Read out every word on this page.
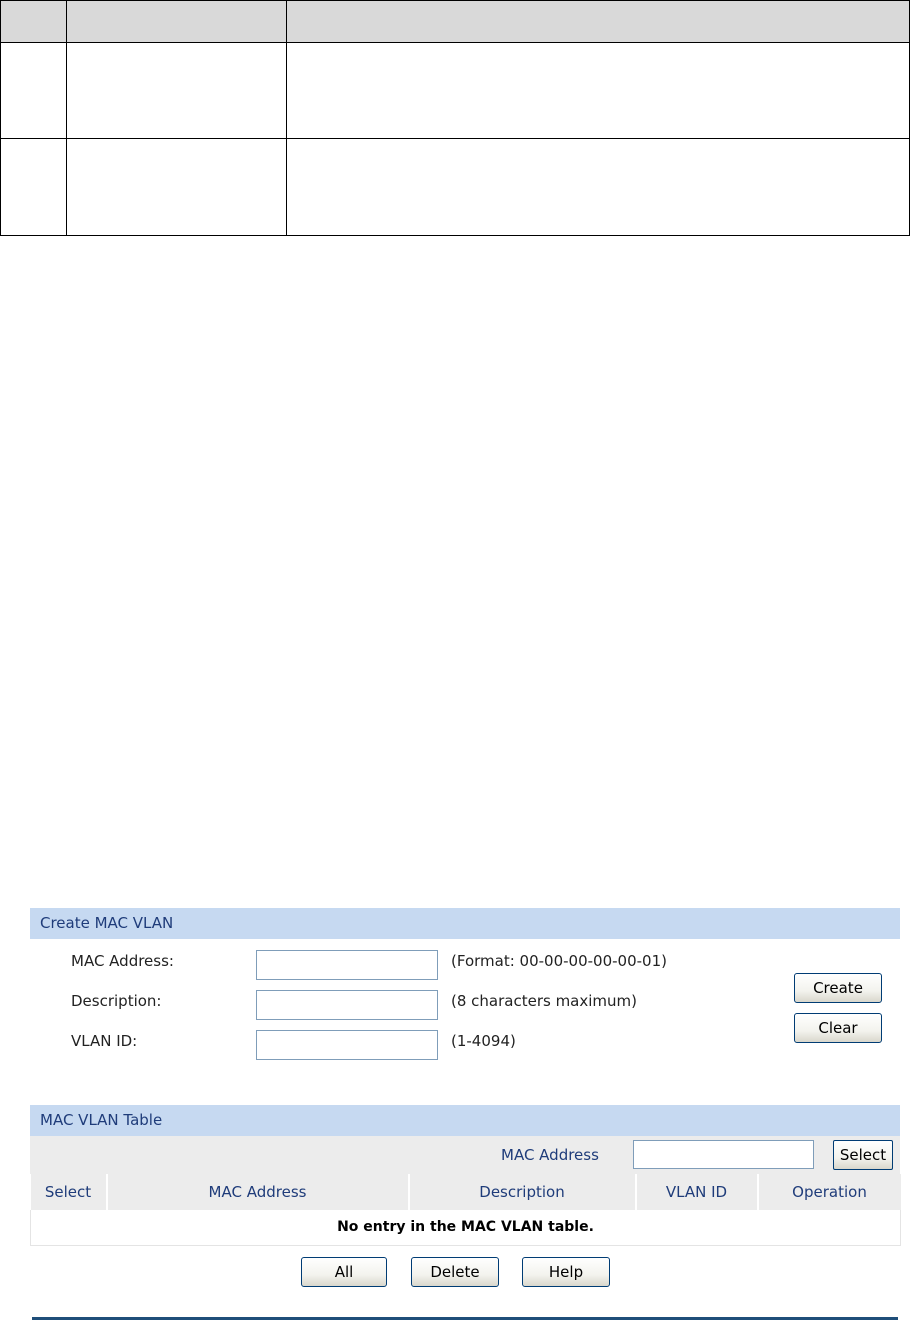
Create MAC VLAN
MAC Address:	(Format: 00-00-00-00-00-01)
Description:	(8 characters maximum)
VLAN ID:	(1-4094)
Create
Clear
MAC VLAN Table
MAC Address	Select
Select	MAC Address	Description	VLAN ID	Operation
No entry in the MAC VLAN table.
All	Delete	Help
